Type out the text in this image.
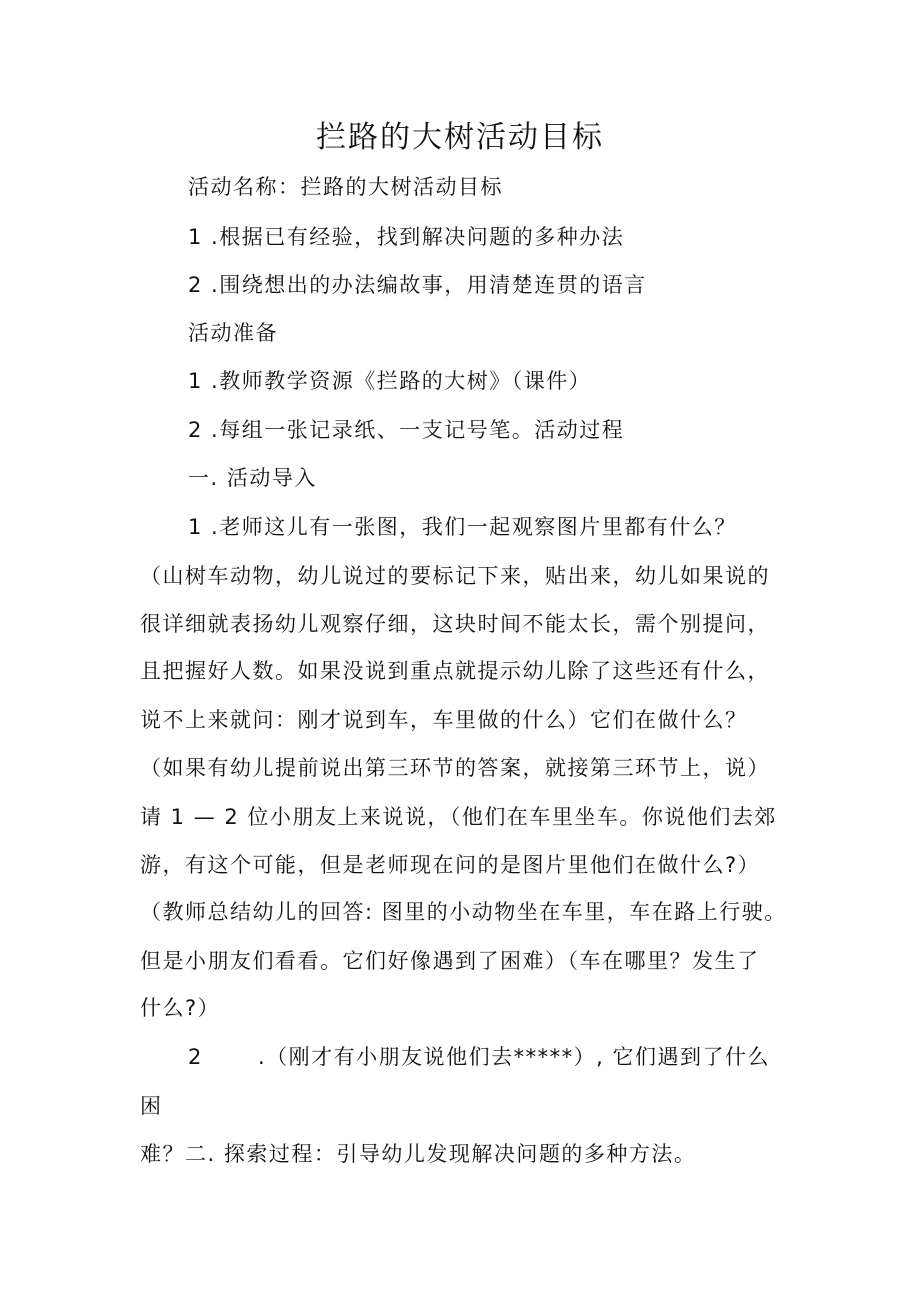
拦路的大树活动目标

活动名称：拦路的大树活动目标

1 .根据已有经验，找到解决问题的多种办法

2 .围绕想出的办法编故事，用清楚连贯的语言

活动准备

1 .教师教学资源《拦路的大树》（课件）

2 .每组一张记录纸、一支记号笔。活动过程

一. 活动导入

1 .老师这儿有一张图，我们一起观察图片里都有什么？

（山树车动物，幼儿说过的要标记下来，贴出来，幼儿如果说的

很详细就表扬幼儿观察仔细，这块时间不能太长，需个别提问，

且把握好人数。如果没说到重点就提示幼儿除了这些还有什么，

说不上来就问：刚才说到车，车里做的什么）它们在做什么？

（如果有幼儿提前说出第三环节的答案，就接第三环节上，说）

请 1 — 2 位小朋友上来说说，（他们在车里坐车。你说他们去郊

游，有这个可能，但是老师现在问的是图片里他们在做什么?）

（教师总结幼儿的回答: 图里的小动物坐在车里，车在路上行驶。

但是小朋友们看看。它们好像遇到了困难）（车在哪里？发生了

什么?）

2	.（刚才有小朋友说他们去*****）, 它们遇到了什么

困

难？二. 探索过程：引导幼儿发现解决问题的多种方法。
